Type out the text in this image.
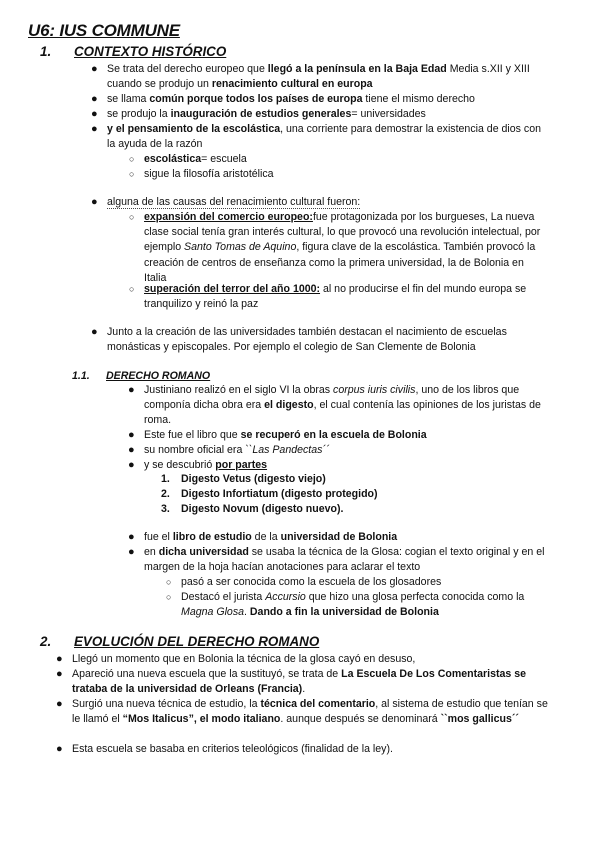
U6: IUS COMMUNE
1. CONTEXTO HISTÓRICO
● Se trata del derecho europeo que llegó a la península en la Baja Edad Media s.XII y XIII cuando se produjo un renacimiento cultural en europa
● se llama común porque todos los países de europa tiene el mismo derecho
● se produjo la inauguración de estudios generales= universidades
● y el pensamiento de la escolástica, una corriente para demostrar la existencia de dios con la ayuda de la razón
○ escolástica= escuela
○ sigue la filosofía aristotélica
● alguna de las causas del renacimiento cultural fueron:
○ expansión del comercio europeo:fue protagonizada por los burgueses, La nueva clase social tenía gran interés cultural, lo que provocó una revolución intelectual, por ejemplo Santo Tomas de Aquino, figura clave de la escolástica. También provocó la creación de centros de enseñanza como la primera universidad, la de Bolonia en Italia
○ superación del terror del año 1000: al no producirse el fin del mundo europa se tranquilizo y reinó la paz
● Junto a la creación de las universidades también destacan el nacimiento de escuelas monásticas y episcopales. Por ejemplo el colegio de San Clemente de Bolonia
1.1. DERECHO ROMANO
● Justiniano realizó en el siglo VI la obras corpus iuris civilis, uno de los libros que componía dicha obra era el digesto, el cual contenía las opiniones de los juristas de roma.
● Este fue el libro que se recuperó en la escuela de Bolonia
● su nombre oficial era ``Las Pandectas´´
● y se descubrió por partes
1. Digesto Vetus (digesto viejo)
2. Digesto Infortiatum (digesto protegido)
3. Digesto Novum (digesto nuevo).
● fue el libro de estudio de la universidad de Bolonia
● en dicha universidad se usaba la técnica de la Glosa: cogian el texto original y en el margen de la hoja hacían anotaciones para aclarar el texto
○ pasó a ser conocida como la escuela de los glosadores
○ Destacó el jurista Accursio que hizo una glosa perfecta conocida como la Magna Glosa. Dando a fin la universidad de Bolonia
2. EVOLUCIÓN DEL DERECHO ROMANO
● Llegó un momento que en Bolonia la técnica de la glosa cayó en desuso,
● Apareció una nueva escuela que la sustituyó, se trata de La Escuela De Los Comentaristas se trataba de la universidad de Orleans (Francia).
● Surgió una nueva técnica de estudio, la técnica del comentario, al sistema de estudio que tenían se le llamó el “Mos Italicus”, el modo italiano. aunque después se denominará ``mos gallicus´´
● Esta escuela se basaba en criterios teleológicos (finalidad de la ley).
